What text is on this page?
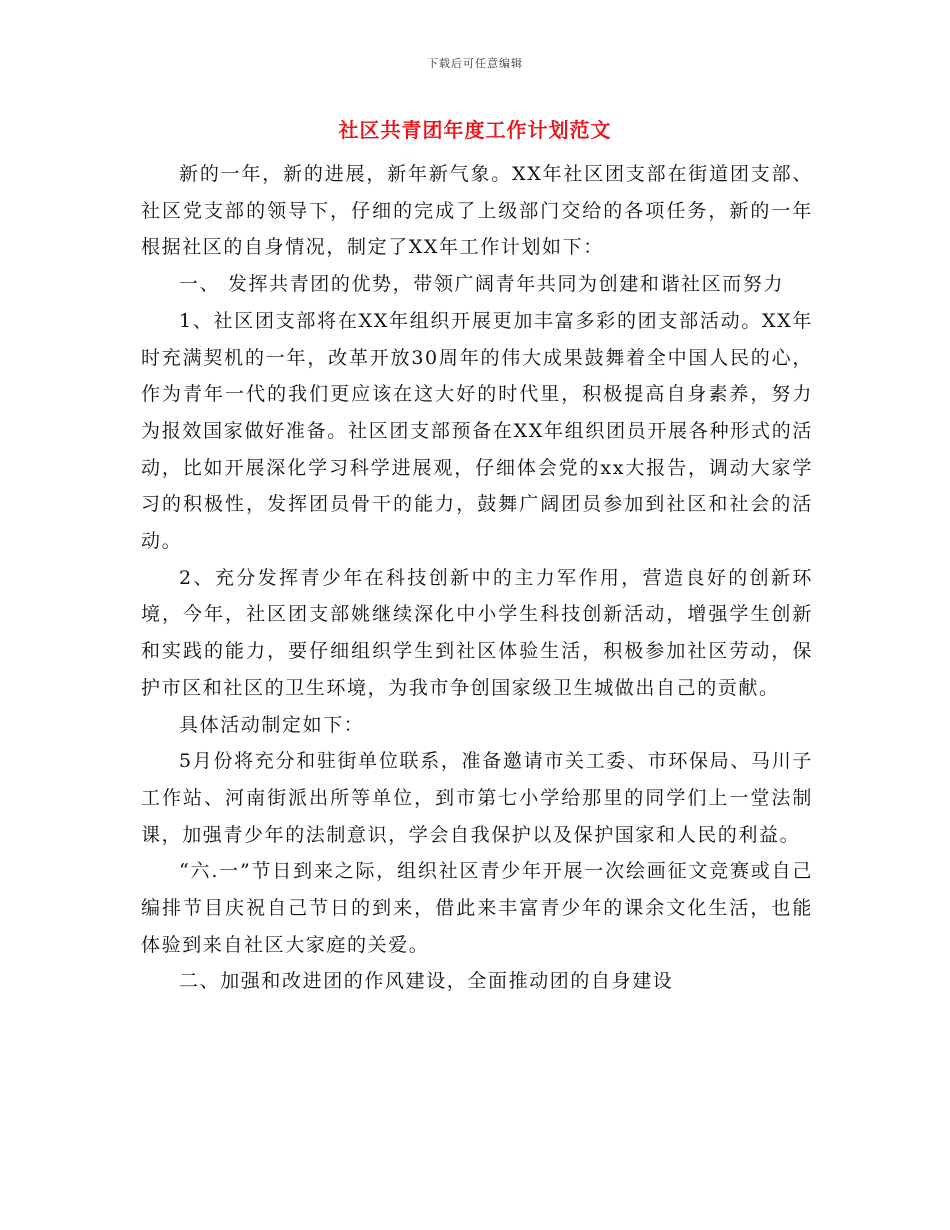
下载后可任意编辑
社区共青团年度工作计划范文

新的一年，新的进展，新年新气象。XX年社区团支部在街道团支部、社区党支部的领导下，仔细的完成了上级部门交给的各项任务，新的一年根据社区的自身情况，制定了XX年工作计划如下：

一、 发挥共青团的优势，带领广阔青年共同为创建和谐社区而努力

1、社区团支部将在XX年组织开展更加丰富多彩的团支部活动。XX年时充满契机的一年，改革开放30周年的伟大成果鼓舞着全中国人民的心，作为青年一代的我们更应该在这大好的时代里，积极提高自身素养，努力为报效国家做好准备。社区团支部预备在XX年组织团员开展各种形式的活动，比如开展深化学习科学进展观，仔细体会党的xx大报告，调动大家学习的积极性，发挥团员骨干的能力，鼓舞广阔团员参加到社区和社会的活动。

2、充分发挥青少年在科技创新中的主力军作用，营造良好的创新环境，今年，社区团支部姚继续深化中小学生科技创新活动，增强学生创新和实践的能力，要仔细组织学生到社区体验生活，积极参加社区劳动，保护市区和社区的卫生环境，为我市争创国家级卫生城做出自己的贡献。

具体活动制定如下：

5月份将充分和驻街单位联系，准备邀请市关工委、市环保局、马川子工作站、河南街派出所等单位，到市第七小学给那里的同学们上一堂法制课，加强青少年的法制意识，学会自我保护以及保护国家和人民的利益。

“六.一”节日到来之际，组织社区青少年开展一次绘画征文竞赛或自己编排节目庆祝自己节日的到来，借此来丰富青少年的课余文化生活，也能体验到来自社区大家庭的关爱。

二、加强和改进团的作风建设，全面推动团的自身建设
